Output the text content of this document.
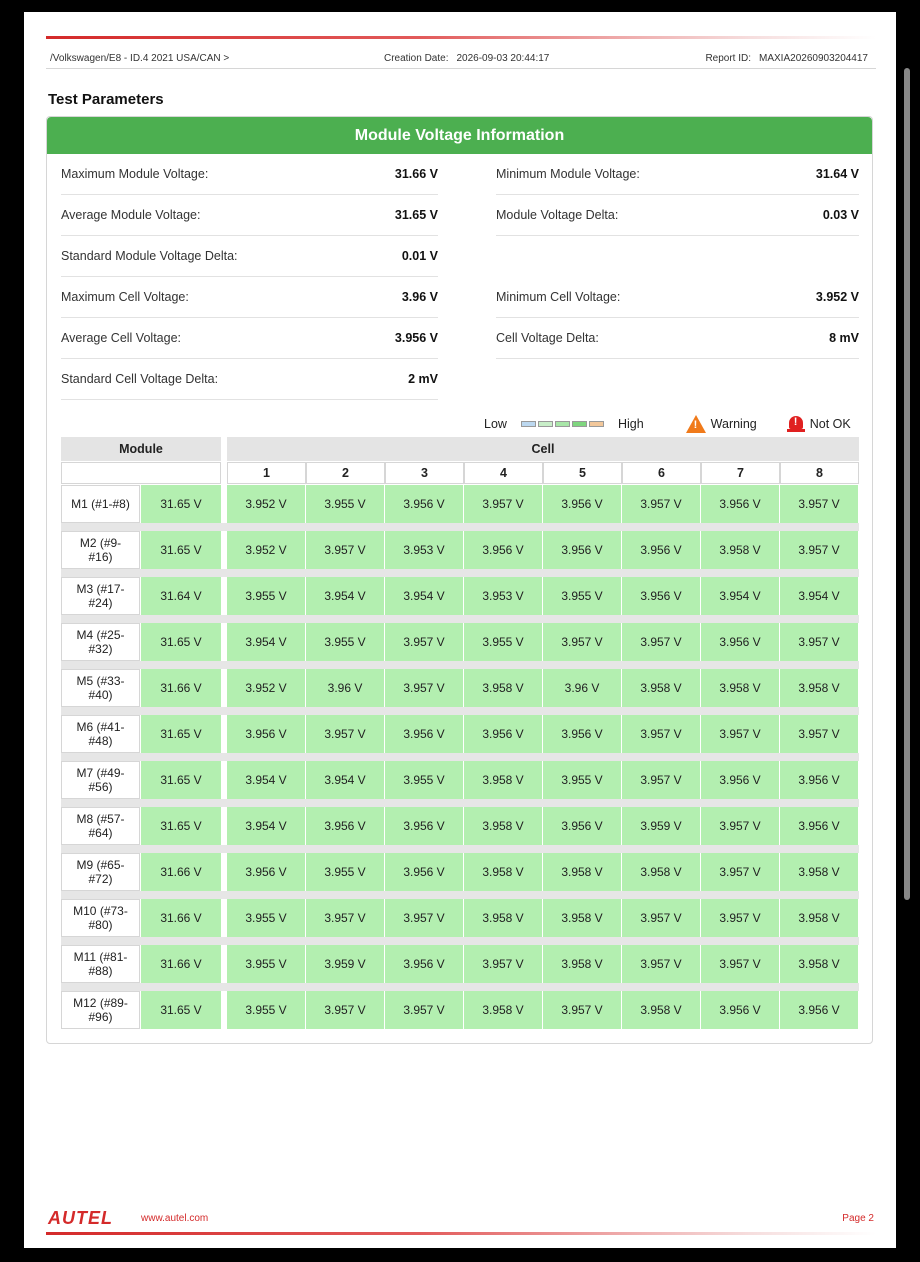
/Volkswagen/E8 - ID.4 2021 USA/CAN >	Creation Date: 2026-09-03 20:44:17	Report ID: MAXIA20260903204417
Test Parameters
Module Voltage Information
Maximum Module Voltage:	31.66 V	Minimum Module Voltage:	31.64 V
Average Module Voltage:	31.65 V	Module Voltage Delta:	0.03 V
Standard Module Voltage Delta:	0.01 V
Maximum Cell Voltage:	3.96 V	Minimum Cell Voltage:	3.952 V
Average Cell Voltage:	3.956 V	Cell Voltage Delta:	8 mV
Standard Cell Voltage Delta:	2 mV
Low	High !	Warning !	Not OK
Module	Cell
1	2	3	4	5	6	7	8
M1 (#1-#8)	31.65 V	3.952 V	3.955 V	3.956 V	3.957 V	3.956 V	3.957 V	3.956 V	3.957 V
M2 (#9-#16)	31.65 V	3.952 V	3.957 V	3.953 V	3.956 V	3.956 V	3.956 V	3.958 V	3.957 V
M3 (#17-#24)	31.64 V	3.955 V	3.954 V	3.954 V	3.953 V	3.955 V	3.956 V	3.954 V	3.954 V
M4 (#25-#32)	31.65 V	3.954 V	3.955 V	3.957 V	3.955 V	3.957 V	3.957 V	3.956 V	3.957 V
M5 (#33-#40)	31.66 V	3.952 V	3.96 V	3.957 V	3.958 V	3.96 V	3.958 V	3.958 V	3.958 V
M6 (#41-#48)	31.65 V	3.956 V	3.957 V	3.956 V	3.956 V	3.956 V	3.957 V	3.957 V	3.957 V
M7 (#49-#56)	31.65 V	3.954 V	3.954 V	3.955 V	3.958 V	3.955 V	3.957 V	3.956 V	3.956 V
M8 (#57-#64)	31.65 V	3.954 V	3.956 V	3.956 V	3.958 V	3.956 V	3.959 V	3.957 V	3.956 V
M9 (#65-#72)	31.66 V	3.956 V	3.955 V	3.956 V	3.958 V	3.958 V	3.958 V	3.957 V	3.958 V
M10 (#73-#80)	31.66 V	3.955 V	3.957 V	3.957 V	3.958 V	3.958 V	3.957 V	3.957 V	3.958 V
M11 (#81-#88)	31.66 V	3.955 V	3.959 V	3.956 V	3.957 V	3.958 V	3.957 V	3.957 V	3.958 V
M12 (#89-#96)	31.65 V	3.955 V	3.957 V	3.957 V	3.958 V	3.957 V	3.958 V	3.956 V	3.956 V
AUTEL	www.autel.com	Page 2
